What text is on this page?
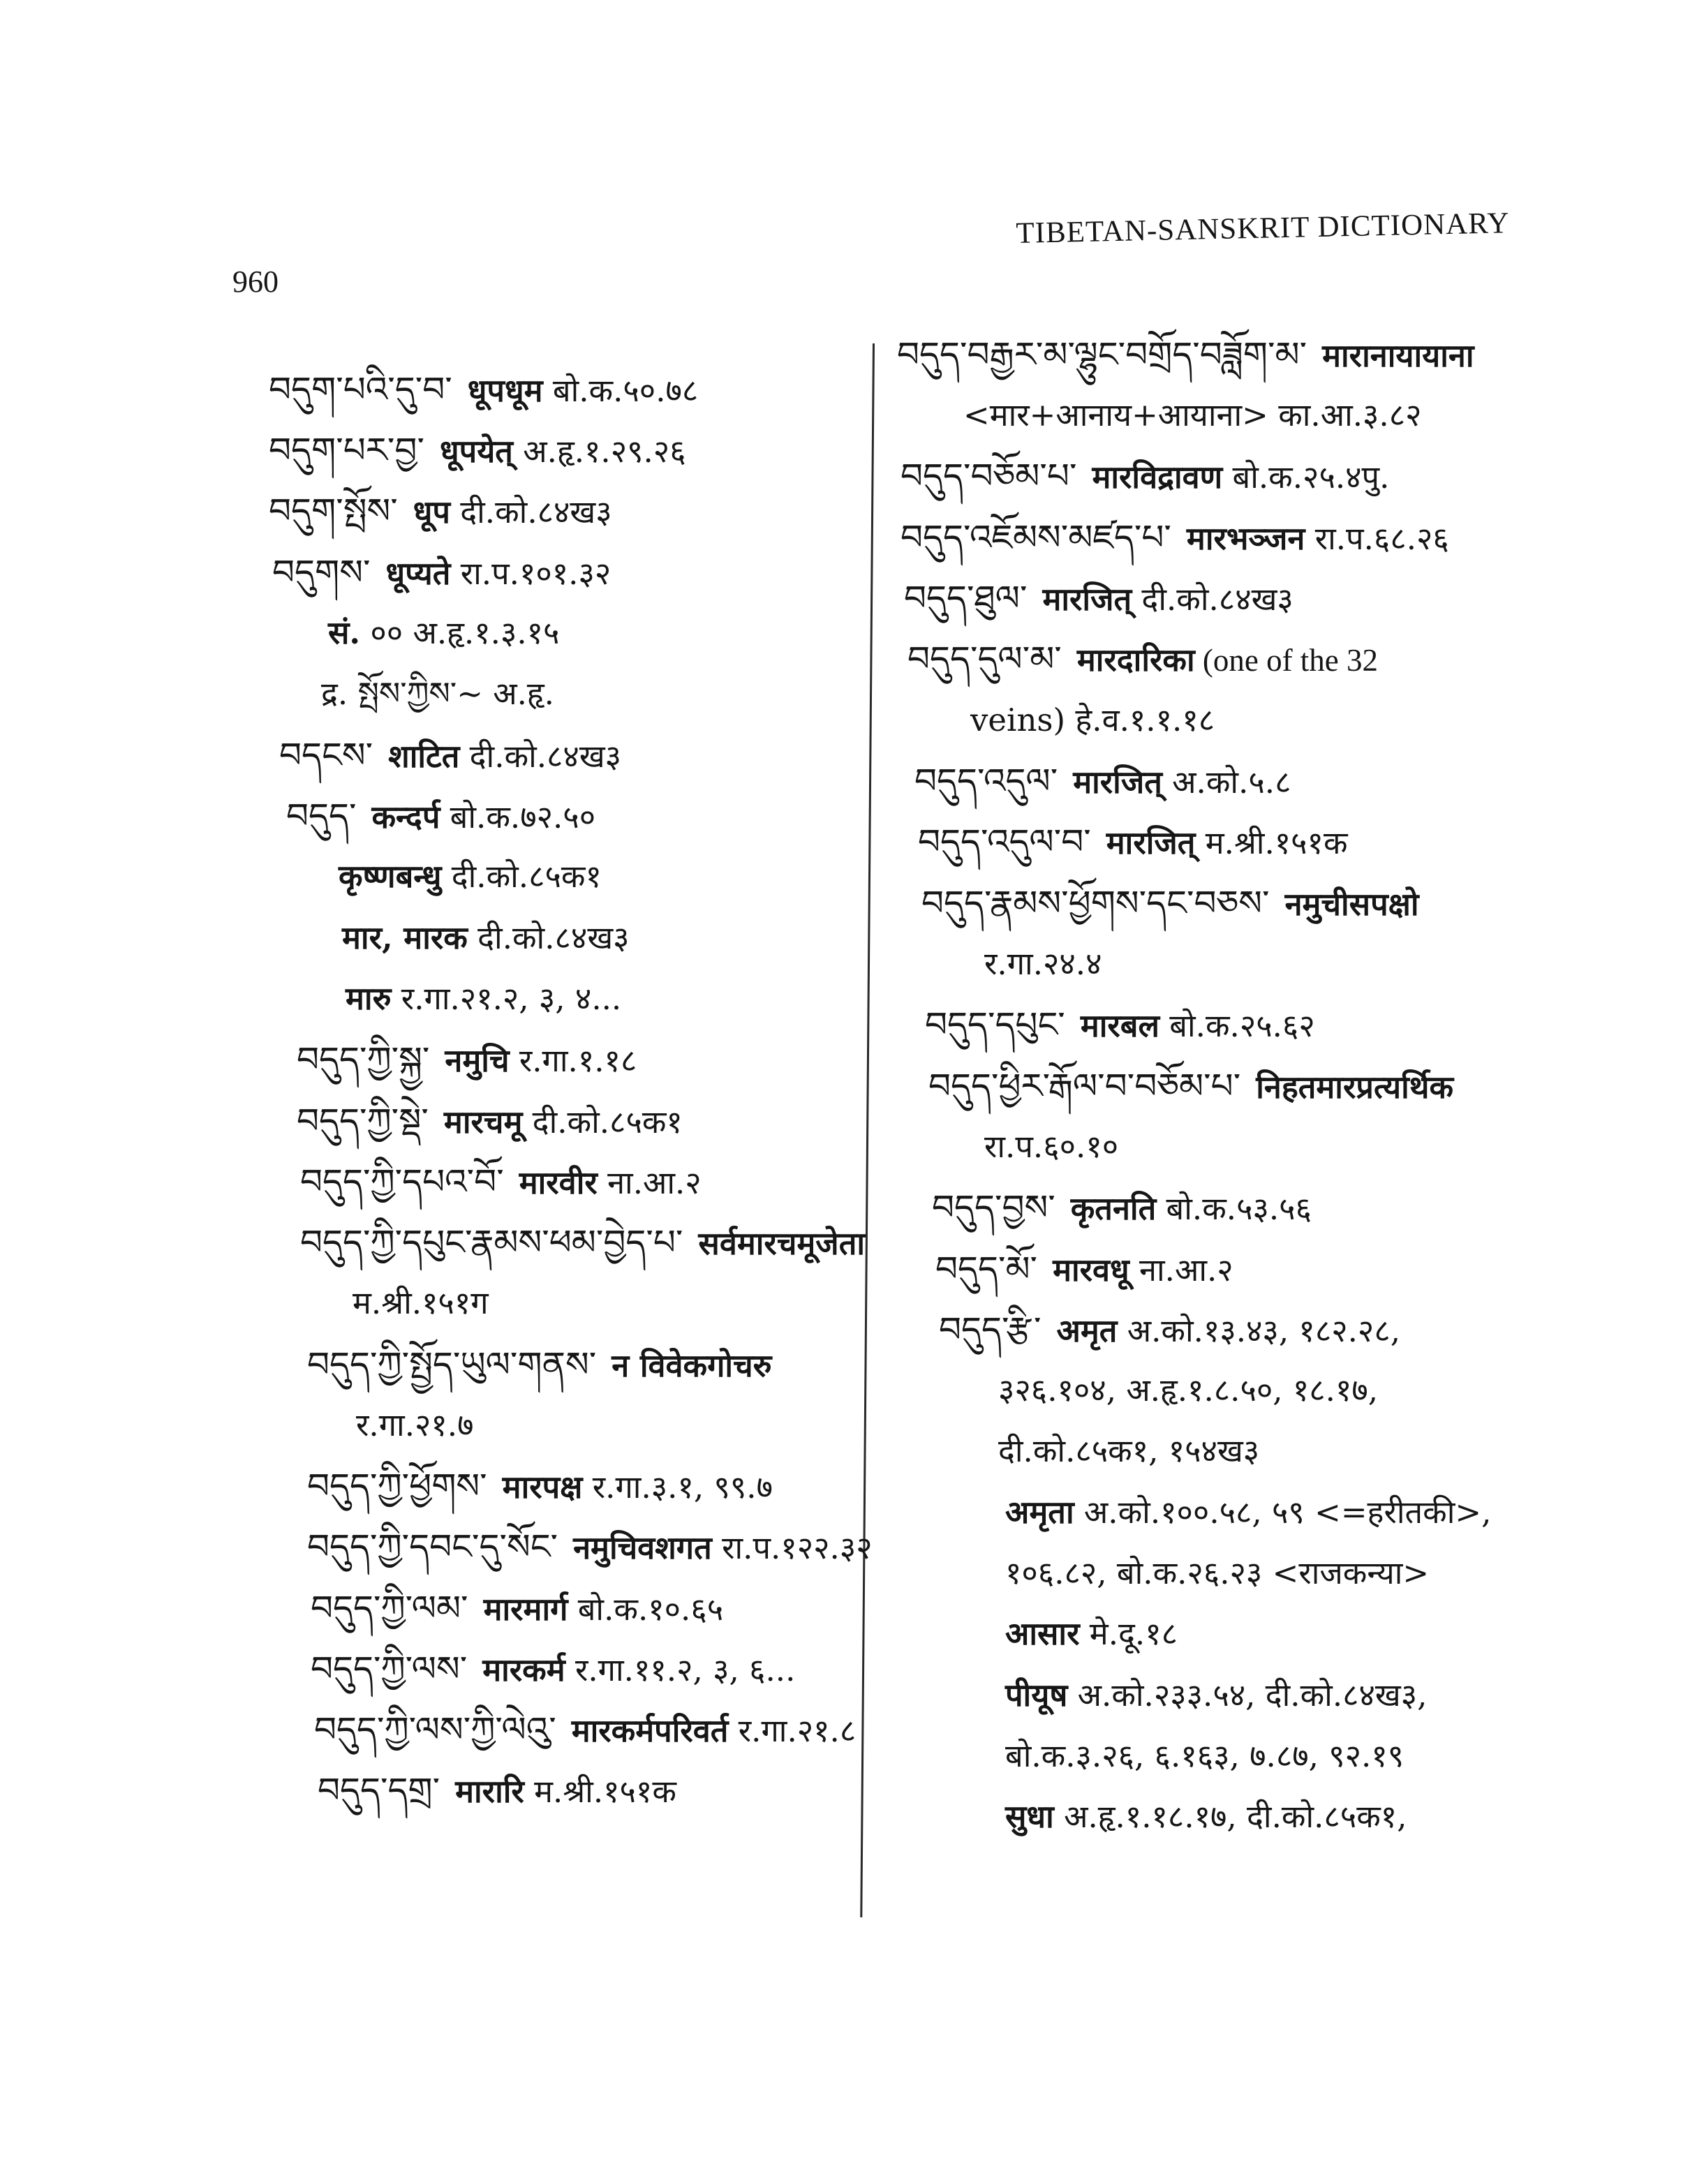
960
TIBETAN-SANSKRIT DICTIONARY
བདུག་པའི་དུ་བ་ धूपधूम बो.क.५०.७८
བདུག་པར་བྱ་ धूपयेत् अ.हृ.१.२९.२६
བདུག་སྤོས་ धूप दी.को.८४ख३
བདུགས་ धूप्यते रा.प.१०१.३२
सं. ०० अ.हृ.१.३.१५
द्र. སྤོས་ཀྱིས་~ अ.हृ.
བདངས་ शाटित दी.को.८४ख३
བདུད་ कन्दर्प बो.क.७२.५०
कृष्णबन्धु दी.को.८५क१
मार, मारक दी.को.८४ख३
मारु र.गा.२१.२, ३, ४...
བདུད་ཀྱི་སྐྱ་ नमुचि र.गा.१.१८
བདུད་ཀྱི་སྡེ་ मारचमू दी.को.८५क१
བདུད་ཀྱི་དཔའ་བོ་ मारवीर ना.आ.२
བདུད་ཀྱི་དཔུང་རྣམས་ཕམ་བྱེད་པ་ सर्वमारचमूजेता
म.श्री.१५१ग
བདུད་ཀྱི་སྤྱོད་ཡུལ་གནས་ न विवेकगोचरु
र.गा.२१.७
བདུད་ཀྱི་ཕྱོགས་ मारपक्ष र.गा.३.१, ९९.७
བདུད་ཀྱི་དབང་དུ་སོང་ नमुचिवशगत रा.प.१२२.३२
བདུད་ཀྱི་ལམ་ मारमार्ग बो.क.१०.६५
བདུད་ཀྱི་ལས་ मारकर्म र.गा.११.२, ३, ६...
བདུད་ཀྱི་ལས་ཀྱི་ལེའུ་ मारकर्मपरिवर्त र.गा.२१.८
བདུད་དགྲ་ मारारि म.श्री.१५१क
བདུད་བརྒྱར་མ་ལྷུང་བགྲོད་བཟློག་མ་ मारानायायाना
<मार+आनाय+आयाना> का.आ.३.८२
བདུད་བཅོམ་པ་ मारविद्रावण बो.क.२५.४पु.
བདུད་འཇོམས་མཛད་པ་ मारभञ्जन रा.प.६८.२६
བདུད་ཐུལ་ मारजित् दी.को.८४ख३
བདུད་དུལ་མ་ मारदारिका (one of the 32
veins) हे.व.१.१.१८
བདུད་འདུལ་ मारजित् अ.को.५.८
བདུད་འདུལ་བ་ मारजित् म.श्री.१५१क
བདུད་རྣམས་ཕྱོགས་དང་བཅས་ नमुचीसपक्षो
र.गा.२४.४
བདུད་དཔུང་ मारबल बो.क.२५.६२
བདུད་ཕྱིར་རྒོལ་བ་བཅོམ་པ་ निहतमारप्रत्यर्थिक
रा.प.६०.१०
བདུད་བྱས་ कृतनति बो.क.५३.५६
བདུད་མོ་ मारवधू ना.आ.२
བདུད་རྩི་ अमृत अ.को.१३.४३, १८२.२८,
३२६.१०४, अ.हृ.१.८.५०, १८.१७,
दी.को.८५क१, १५४ख३
अमृता अ.को.१००.५८, ५९ <=हरीतकी>,
१०६.८२, बो.क.२६.२३ <राजकन्या>
आसार मे.दू.१८
पीयूष अ.को.२३३.५४, दी.को.८४ख३,
बो.क.३.२६, ६.१६३, ७.८७, ९२.१९
सुधा अ.हृ.१.१८.१७, दी.को.८५क१,
